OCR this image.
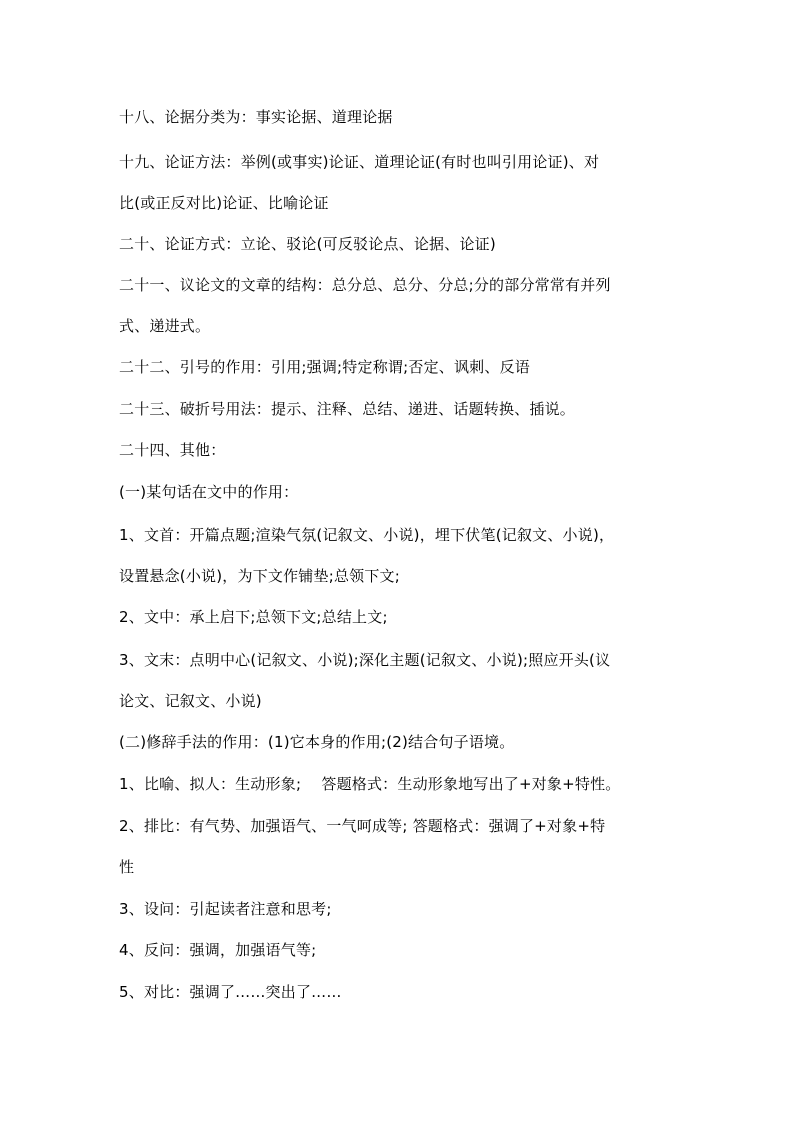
十八、论据分类为：事实论据、道理论据
十九、论证方法：举例(或事实)论证、道理论证(有时也叫引用论证)、对
比(或正反对比)论证、比喻论证
二十、论证方式：立论、驳论(可反驳论点、论据、论证)
二十一、议论文的文章的结构：总分总、总分、分总;分的部分常常有并列
式、递进式。
二十二、引号的作用：引用;强调;特定称谓;否定、讽刺、反语
二十三、破折号用法：提示、注释、总结、递进、话题转换、插说。
二十四、其他：
(一)某句话在文中的作用：
1、文首：开篇点题;渲染气氛(记叙文、小说)，埋下伏笔(记叙文、小说)，
设置悬念(小说)，为下文作铺垫;总领下文;
2、文中：承上启下;总领下文;总结上文;
3、文末：点明中心(记叙文、小说);深化主题(记叙文、小说);照应开头(议
论文、记叙文、小说)
(二)修辞手法的作用：(1)它本身的作用;(2)结合句子语境。
1、比喻、拟人：生动形象;　 答题格式：生动形象地写出了+对象+特性。
2、排比：有气势、加强语气、一气呵成等; 答题格式：强调了+对象+特
性
3、设问：引起读者注意和思考;
4、反问：强调，加强语气等;
5、对比：强调了……突出了……
